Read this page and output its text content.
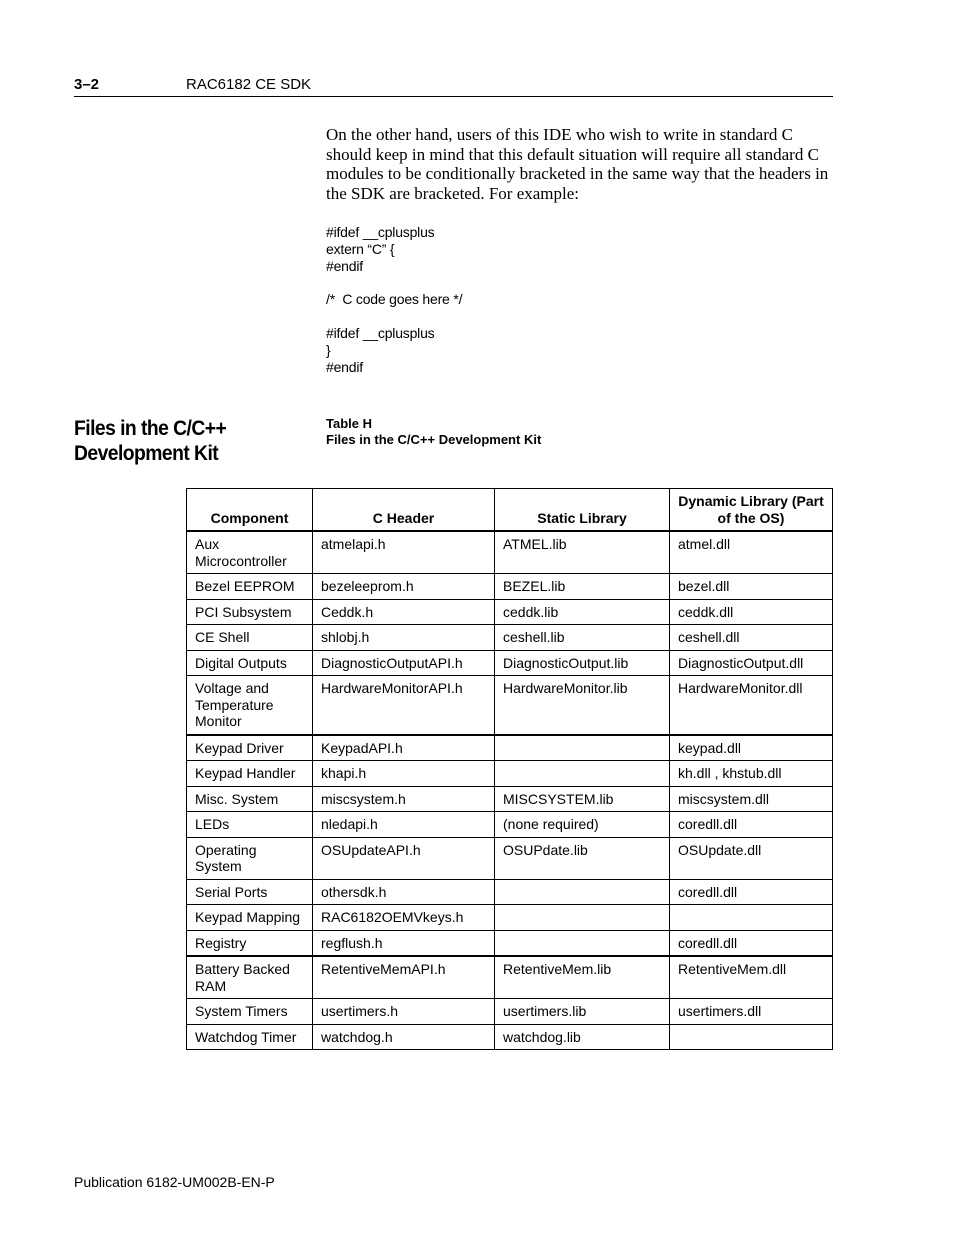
3–2	RAC6182 CE SDK

On the other hand, users of this IDE who wish to write in standard C should keep in mind that this default situation will require all standard C modules to be conditionally bracketed in the same way that the headers in the SDK are bracketed. For example:

#ifdef __cplusplus
extern “C” {
#endif
/*  C code goes here */
#ifdef __cplusplus
}
#endif
Files in the C/C++ Development Kit
Table H
Files in the C/C++ Development Kit
Component	C Header	Static Library	Dynamic Library (Part of the OS)
Aux Microcontroller	atmelapi.h	ATMEL.lib	atmel.dll
Bezel EEPROM	bezeleeprom.h	BEZEL.lib	bezel.dll
PCI Subsystem	Ceddk.h	ceddk.lib	ceddk.dll
CE Shell	shlobj.h	ceshell.lib	ceshell.dll
Digital Outputs	DiagnosticOutputAPI.h	DiagnosticOutput.lib	DiagnosticOutput.dll
Voltage and Temperature Monitor	HardwareMonitorAPI.h	HardwareMonitor.lib	HardwareMonitor.dll
Keypad Driver	KeypadAPI.h		keypad.dll
Keypad Handler	khapi.h		kh.dll , khstub.dll
Misc. System	miscsystem.h	MISCSYSTEM.lib	miscsystem.dll
LEDs	nledapi.h	(none required)	coredll.dll
Operating System	OSUpdateAPI.h	OSUPdate.lib	OSUpdate.dll
Serial Ports	othersdk.h		coredll.dll
Keypad Mapping	RAC6182OEMVkeys.h		
Registry	regflush.h		coredll.dll
Battery Backed RAM	RetentiveMemAPI.h	RetentiveMem.lib	RetentiveMem.dll
System Timers	usertimers.h	usertimers.lib	usertimers.dll
Watchdog Timer	watchdog.h	watchdog.lib	
Publication 6182-UM002B-EN-P
